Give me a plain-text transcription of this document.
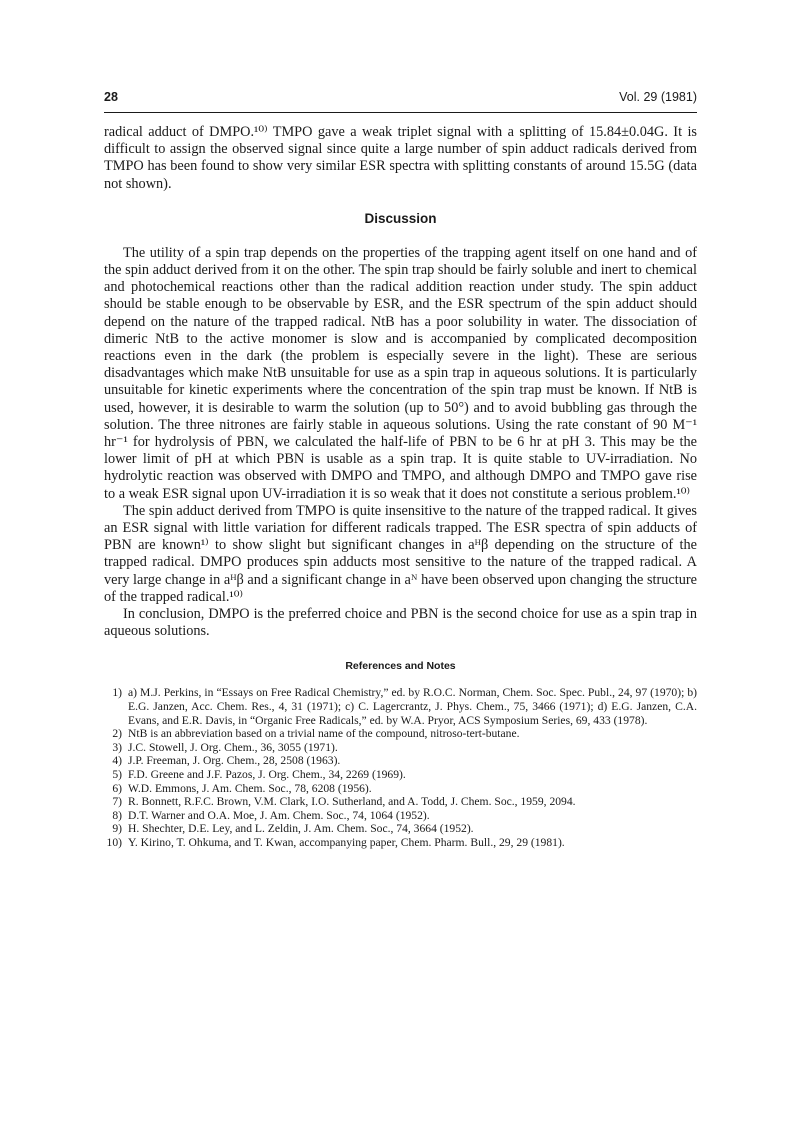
28	Vol. 29 (1981)

radical adduct of DMPO.¹⁰⁾ TMPO gave a weak triplet signal with a splitting of 15.84±0.04G. It is difficult to assign the observed signal since quite a large number of spin adduct radicals derived from TMPO has been found to show very similar ESR spectra with splitting constants of around 15.5G (data not shown).

Discussion

The utility of a spin trap depends on the properties of the trapping agent itself on one hand and of the spin adduct derived from it on the other. The spin trap should be fairly soluble and inert to chemical and photochemical reactions other than the radical addition reaction under study. The spin adduct should be stable enough to be observable by ESR, and the ESR spectrum of the spin adduct should depend on the nature of the trapped radical. NtB has a poor solubility in water. The dissociation of dimeric NtB to the active monomer is slow and is accompanied by complicated decomposition reactions even in the dark (the problem is especially severe in the light). These are serious disadvantages which make NtB unsuitable for use as a spin trap in aqueous solutions. It is particularly unsuitable for kinetic experiments where the concentration of the spin trap must be known. If NtB is used, however, it is desirable to warm the solution (up to 50°) and to avoid bubbling gas through the solution. The three nitrones are fairly stable in aqueous solutions. Using the rate constant of 90 M⁻¹ hr⁻¹ for hydrolysis of PBN, we calculated the half-life of PBN to be 6 hr at pH 3. This may be the lower limit of pH at which PBN is usable as a spin trap. It is quite stable to UV-irradiation. No hydrolytic reaction was observed with DMPO and TMPO, and although DMPO and TMPO gave rise to a weak ESR signal upon UV-irradiation it is so weak that it does not constitute a serious problem.¹⁰⁾

The spin adduct derived from TMPO is quite insensitive to the nature of the trapped radical. It gives an ESR signal with little variation for different radicals trapped. The ESR spectra of spin adducts of PBN are known¹⁾ to show slight but significant changes in aᴴβ depending on the structure of the trapped radical. DMPO produces spin adducts most sensitive to the nature of the trapped radical. A very large change in aᴴβ and a significant change in aᴺ have been observed upon changing the structure of the trapped radical.¹⁰⁾

In conclusion, DMPO is the preferred choice and PBN is the second choice for use as a spin trap in aqueous solutions.

References and Notes
1) a) M.J. Perkins, in “Essays on Free Radical Chemistry,” ed. by R.O.C. Norman, Chem. Soc. Spec. Publ., 24, 97 (1970); b) E.G. Janzen, Acc. Chem. Res., 4, 31 (1971); c) C. Lagercrantz, J. Phys. Chem., 75, 3466 (1971); d) E.G. Janzen, C.A. Evans, and E.R. Davis, in “Organic Free Radicals,” ed. by W.A. Pryor, ACS Symposium Series, 69, 433 (1978).
2) NtB is an abbreviation based on a trivial name of the compound, nitroso-tert-butane.
3) J.C. Stowell, J. Org. Chem., 36, 3055 (1971).
4) J.P. Freeman, J. Org. Chem., 28, 2508 (1963).
5) F.D. Greene and J.F. Pazos, J. Org. Chem., 34, 2269 (1969).
6) W.D. Emmons, J. Am. Chem. Soc., 78, 6208 (1956).
7) R. Bonnett, R.F.C. Brown, V.M. Clark, I.O. Sutherland, and A. Todd, J. Chem. Soc., 1959, 2094.
8) D.T. Warner and O.A. Moe, J. Am. Chem. Soc., 74, 1064 (1952).
9) H. Shechter, D.E. Ley, and L. Zeldin, J. Am. Chem. Soc., 74, 3664 (1952).
10) Y. Kirino, T. Ohkuma, and T. Kwan, accompanying paper, Chem. Pharm. Bull., 29, 29 (1981).
